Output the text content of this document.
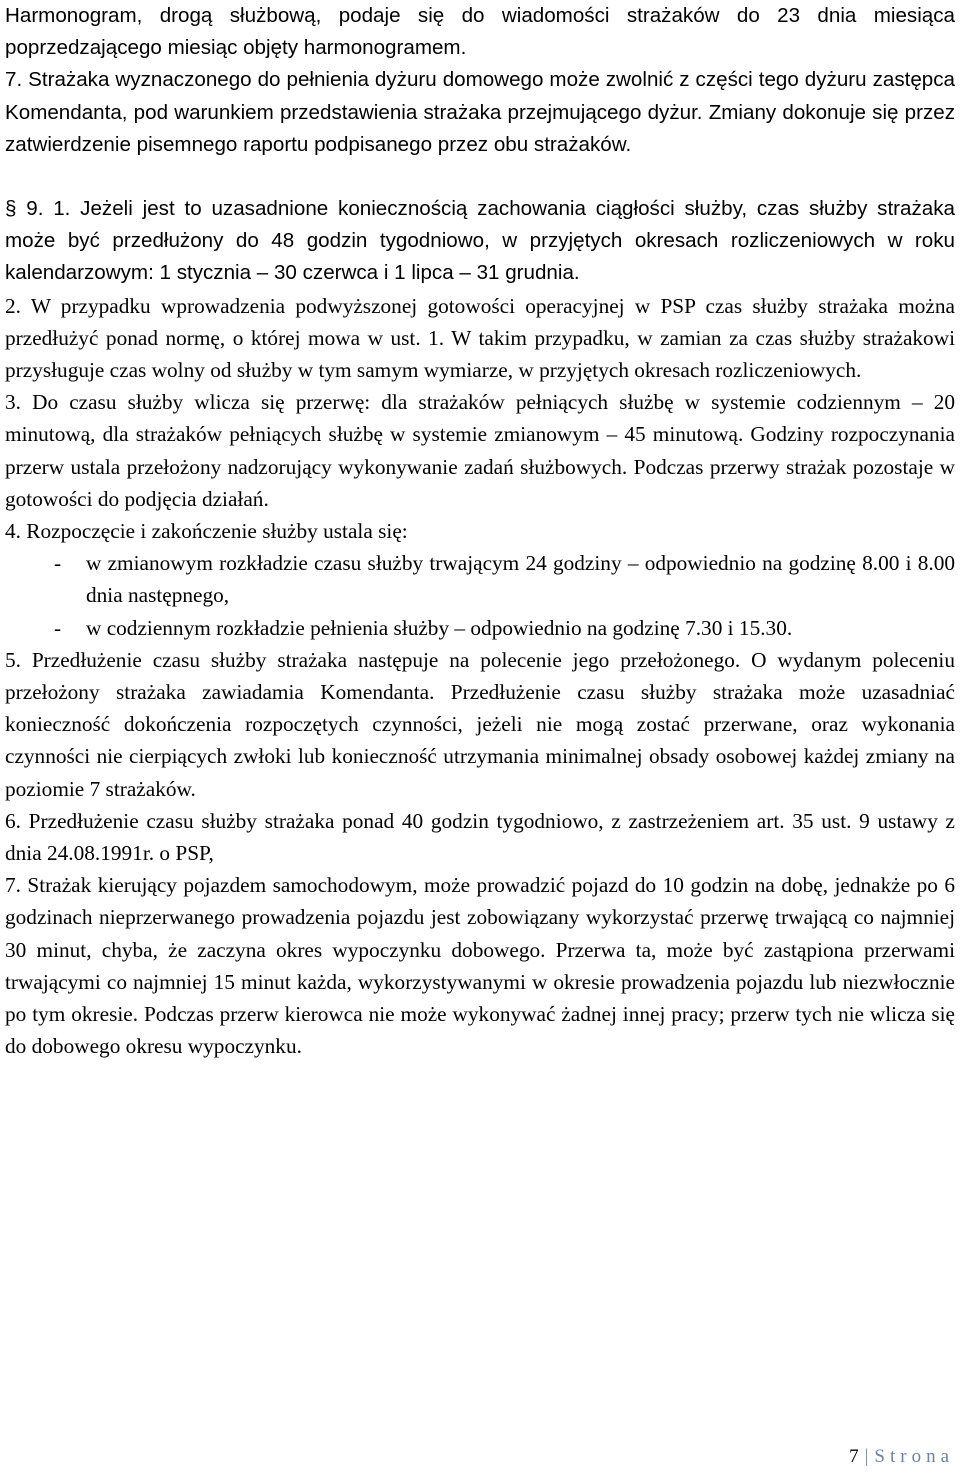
Harmonogram, drogą służbową, podaje się do wiadomości strażaków do 23 dnia miesiąca poprzedzającego miesiąc objęty harmonogramem.

7. Strażaka wyznaczonego do pełnienia dyżuru domowego może zwolnić z części tego dyżuru zastępca Komendanta, pod warunkiem przedstawienia strażaka przejmującego dyżur. Zmiany dokonuje się przez zatwierdzenie pisemnego raportu podpisanego przez obu strażaków.

§ 9. 1. Jeżeli jest to uzasadnione koniecznością zachowania ciągłości służby, czas służby strażaka może być przedłużony do 48 godzin tygodniowo, w przyjętych okresach rozliczeniowych w roku kalendarzowym: 1 stycznia – 30 czerwca i 1 lipca – 31 grudnia.

2. W przypadku wprowadzenia podwyższonej gotowości operacyjnej w PSP czas służby strażaka można przedłużyć ponad normę, o której mowa w ust. 1. W takim przypadku, w zamian za czas służby strażakowi przysługuje czas wolny od służby w tym samym wymiarze, w przyjętych okresach rozliczeniowych.

3. Do czasu służby wlicza się przerwę: dla strażaków pełniących służbę w systemie codziennym – 20 minutową, dla strażaków pełniących służbę w systemie zmianowym – 45 minutową. Godziny rozpoczynania przerw ustala przełożony nadzorujący wykonywanie zadań służbowych. Podczas przerwy strażak pozostaje w gotowości do podjęcia działań.

4. Rozpoczęcie i zakończenie służby ustala się:

-	w zmianowym rozkładzie czasu służby trwającym 24 godziny – odpowiednio na godzinę 8.00 i 8.00 dnia następnego,
-	w codziennym rozkładzie pełnienia służby – odpowiednio na godzinę 7.30 i 15.30.

5. Przedłużenie czasu służby strażaka następuje na polecenie jego przełożonego. O wydanym poleceniu przełożony strażaka zawiadamia Komendanta. Przedłużenie czasu służby strażaka może uzasadniać konieczność dokończenia rozpoczętych czynności, jeżeli nie mogą zostać przerwane, oraz wykonania czynności nie cierpiących zwłoki lub konieczność utrzymania minimalnej obsady osobowej każdej zmiany na poziomie 7 strażaków.

6. Przedłużenie czasu służby strażaka ponad 40 godzin tygodniowo, z zastrzeżeniem art. 35 ust. 9 ustawy z dnia 24.08.1991r. o PSP,

7. Strażak kierujący pojazdem samochodowym, może prowadzić pojazd do 10 godzin na dobę, jednakże po 6 godzinach nieprzerwanego prowadzenia pojazdu jest zobowiązany wykorzystać przerwę trwającą co najmniej 30 minut, chyba, że zaczyna okres wypoczynku dobowego. Przerwa ta, może być zastąpiona przerwami trwającymi co najmniej 15 minut każda, wykorzystywanymi w okresie prowadzenia pojazdu lub niezwłocznie po tym okresie. Podczas przerw kierowca nie może wykonywać żadnej innej pracy; przerw tych nie wlicza się do dobowego okresu wypoczynku.

7 | Strona
